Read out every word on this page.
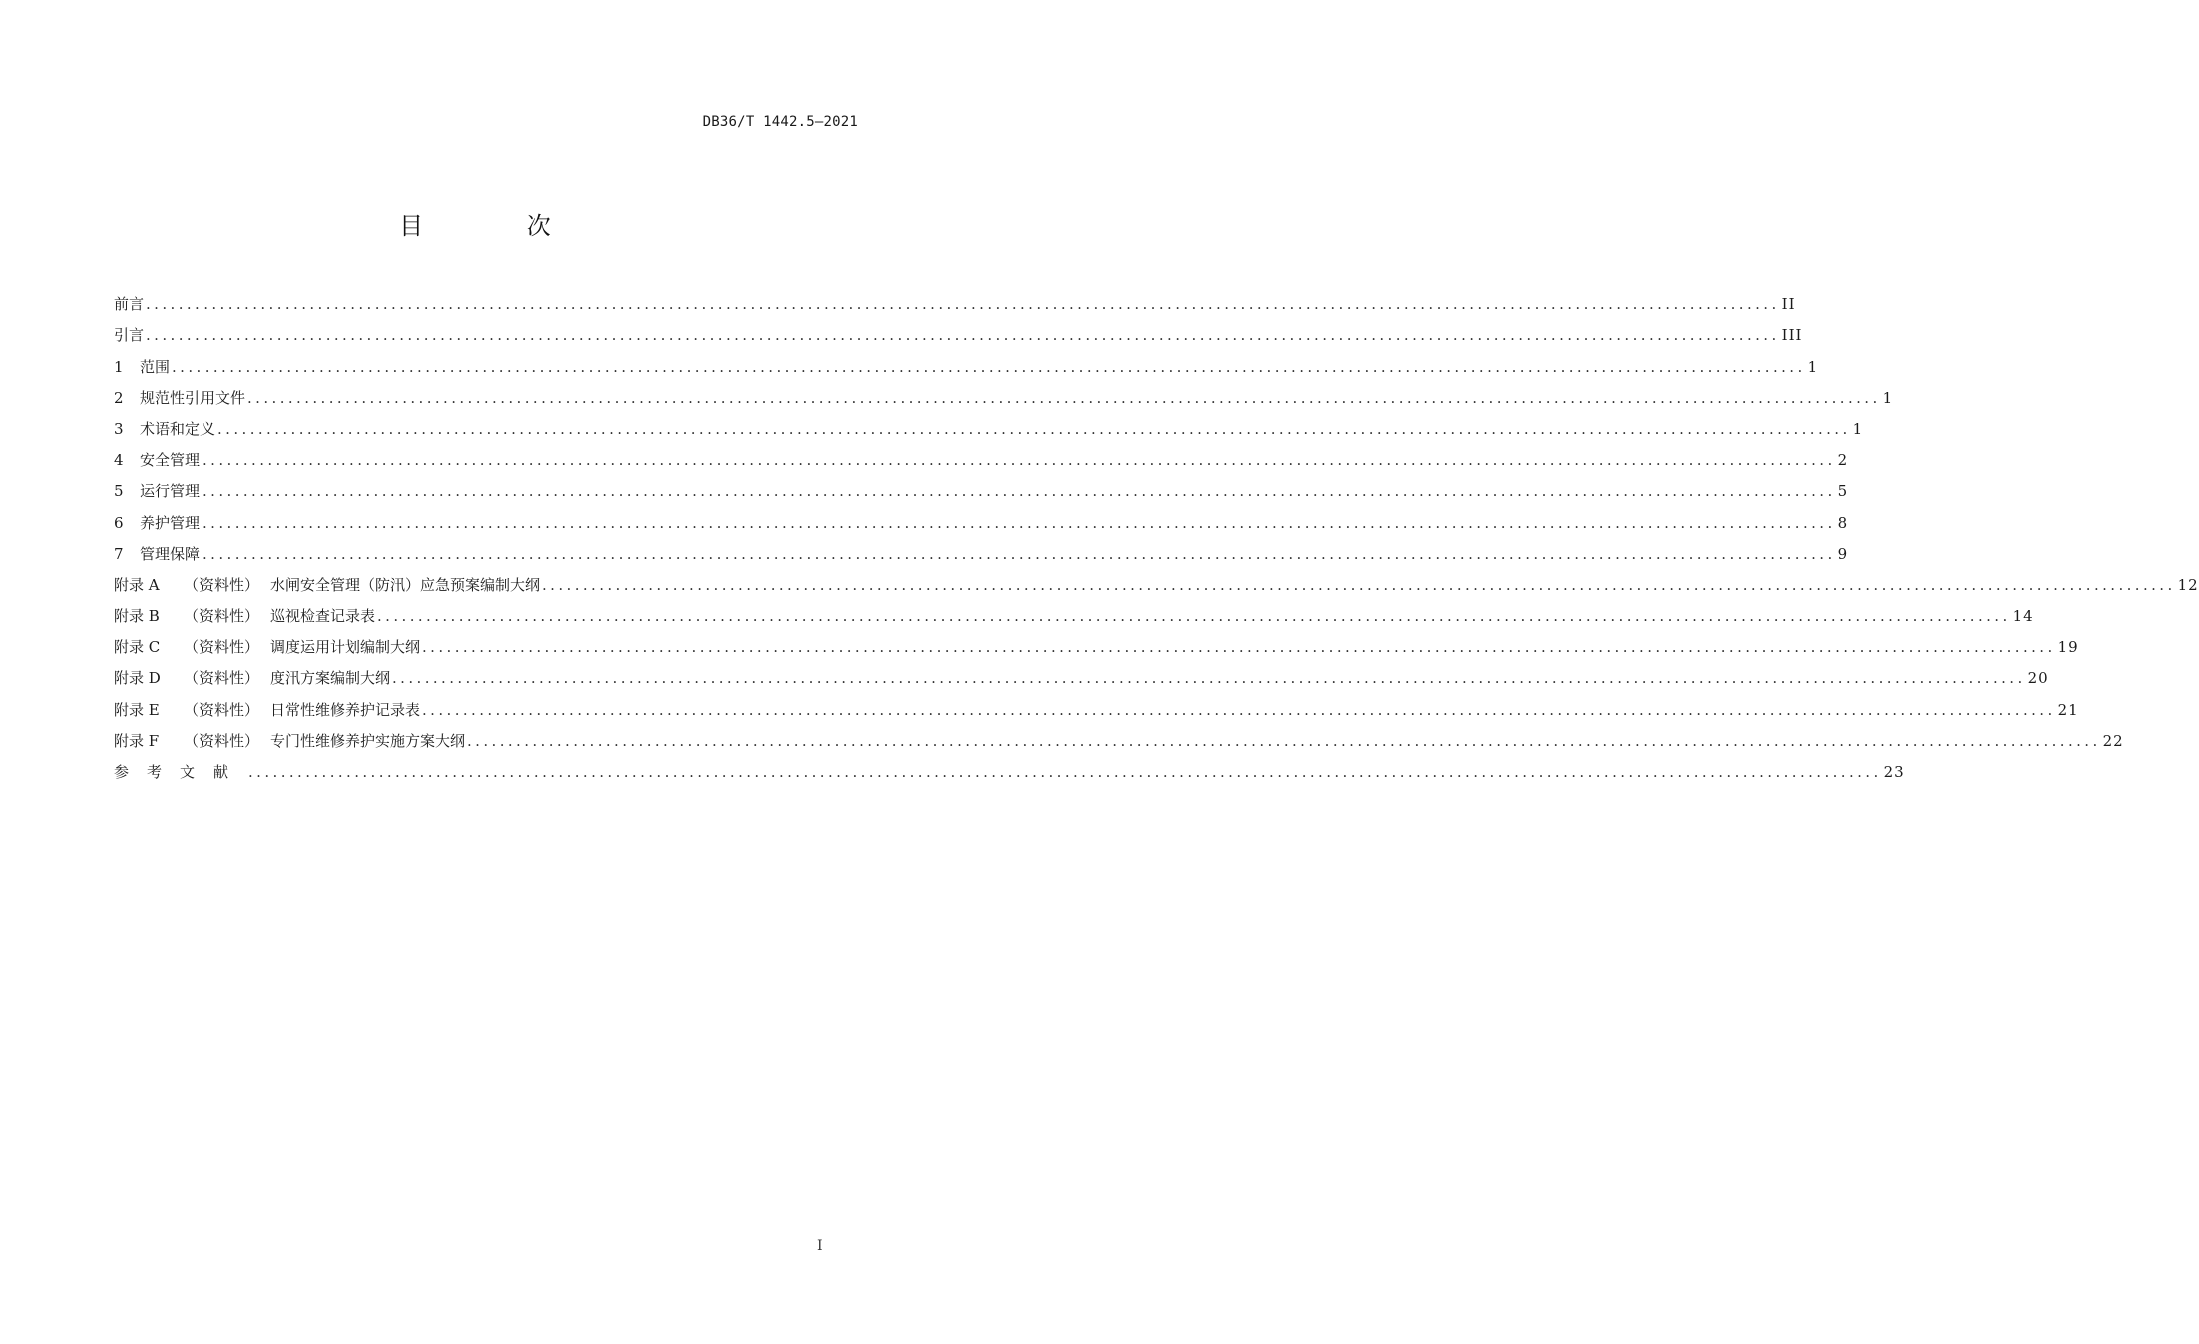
DB36/T 1442.5—2021
目 次
前言 ........................................................................................................................................................................................................ II
引言 ........................................................................................................................................................................................................ III
1 范围 ........................................................................................................................................................................................................ 1
2 规范性引用文件 ........................................................................................................................................................................................................ 1
3 术语和定义 ........................................................................................................................................................................................................ 1
4 安全管理 ........................................................................................................................................................................................................ 2
5 运行管理 ........................................................................................................................................................................................................ 5
6 养护管理 ........................................................................................................................................................................................................ 8
7 管理保障 ........................................................................................................................................................................................................ 9
附录 A （资料性） 水闸安全管理（防汛）应急预案编制大纲 ........................................................................................................................................................................................................ 12
附录 B （资料性） 巡视检查记录表 ........................................................................................................................................................................................................ 14
附录 C （资料性） 调度运用计划编制大纲 ........................................................................................................................................................................................................ 19
附录 D （资料性） 度汛方案编制大纲 ........................................................................................................................................................................................................ 20
附录 E （资料性） 日常性维修养护记录表 ........................................................................................................................................................................................................ 21
附录 F （资料性） 专门性维修养护实施方案大纲 ........................................................................................................................................................................................................ 22
参考文献 ........................................................................................................................................................................................................ 23
I
